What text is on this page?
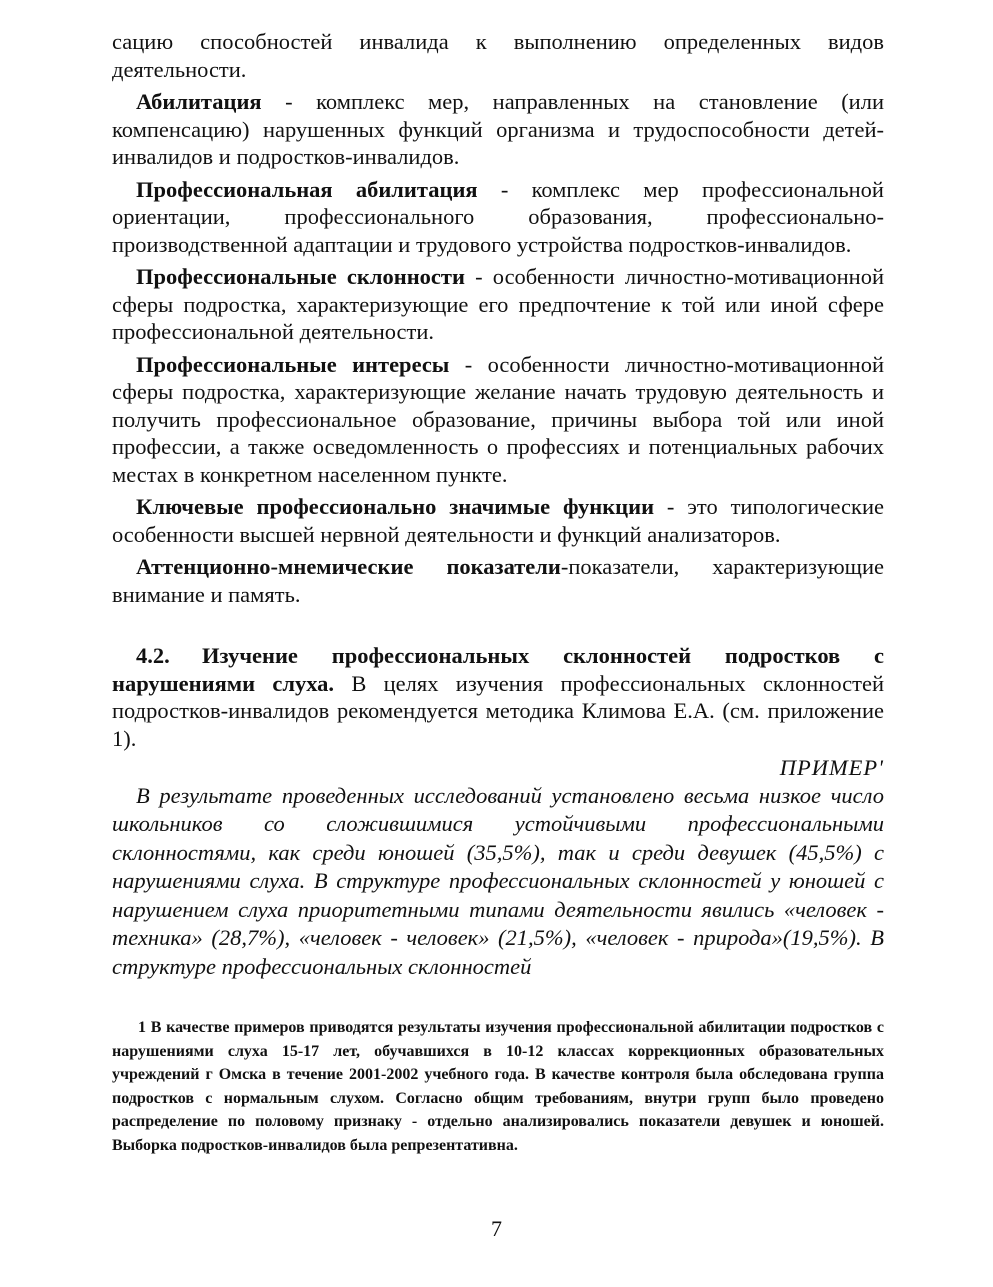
сацию способностей инвалида к выполнению определенных видов деятельности.

Абилитация - комплекс мер, направленных на становление (или компенсацию) нарушенных функций организма и трудоспособности детей-инвалидов и подростков-инвалидов.

Профессиональная абилитация - комплекс мер профессиональной ориентации, профессионального образования, профессионально-производственной адаптации и трудового устройства подростков-инвалидов.

Профессиональные склонности - особенности личностно-мотивационной сферы подростка, характеризующие его предпочтение к той или иной сфере профессиональной деятельности.

Профессиональные интересы - особенности личностно-мотивационной сферы подростка, характеризующие желание начать трудовую деятельность и получить профессиональное образование, причины выбора той или иной профессии, а также осведомленность о профессиях и потенциальных рабочих местах в конкретном населенном пункте.

Ключевые профессионально значимые функции - это типологические особенности высшей нервной деятельности и функций анализаторов.

Аттенционно-мнемические показатели-показатели, характеризующие внимание и память.

4.2. Изучение профессиональных склонностей подростков с нарушениями слуха. В целях изучения профессиональных склонностей подростков-инвалидов рекомендуется методика Климова Е.А. (см. приложение 1).

ПРИМЕР'

В результате проведенных исследований установлено весьма низкое число школьников со сложившимися устойчивыми профессиональными склонностями, как среди юношей (35,5%), так и среди девушек (45,5%) с нарушениями слуха. В структуре профессиональных склонностей у юношей с нарушением слуха приоритетными типами деятельности явились «человек - техника» (28,7%), «человек - человек» (21,5%), «человек - природа»(19,5%). В структуре профессиональных склонностей

1 В качестве примеров приводятся результаты изучения профессиональной абилитации подростков с нарушениями слуха 15-17 лет, обучавшихся в 10-12 классах коррекционных образовательных учреждений г Омска в течение 2001-2002 учебного года. В качестве контроля была обследована группа подростков с нормальным слухом. Согласно общим требованиям, внутри групп было проведено распределение по половому признаку - отдельно анализировались показатели девушек и юношей. Выборка подростков-инвалидов была репрезентативна.

7
